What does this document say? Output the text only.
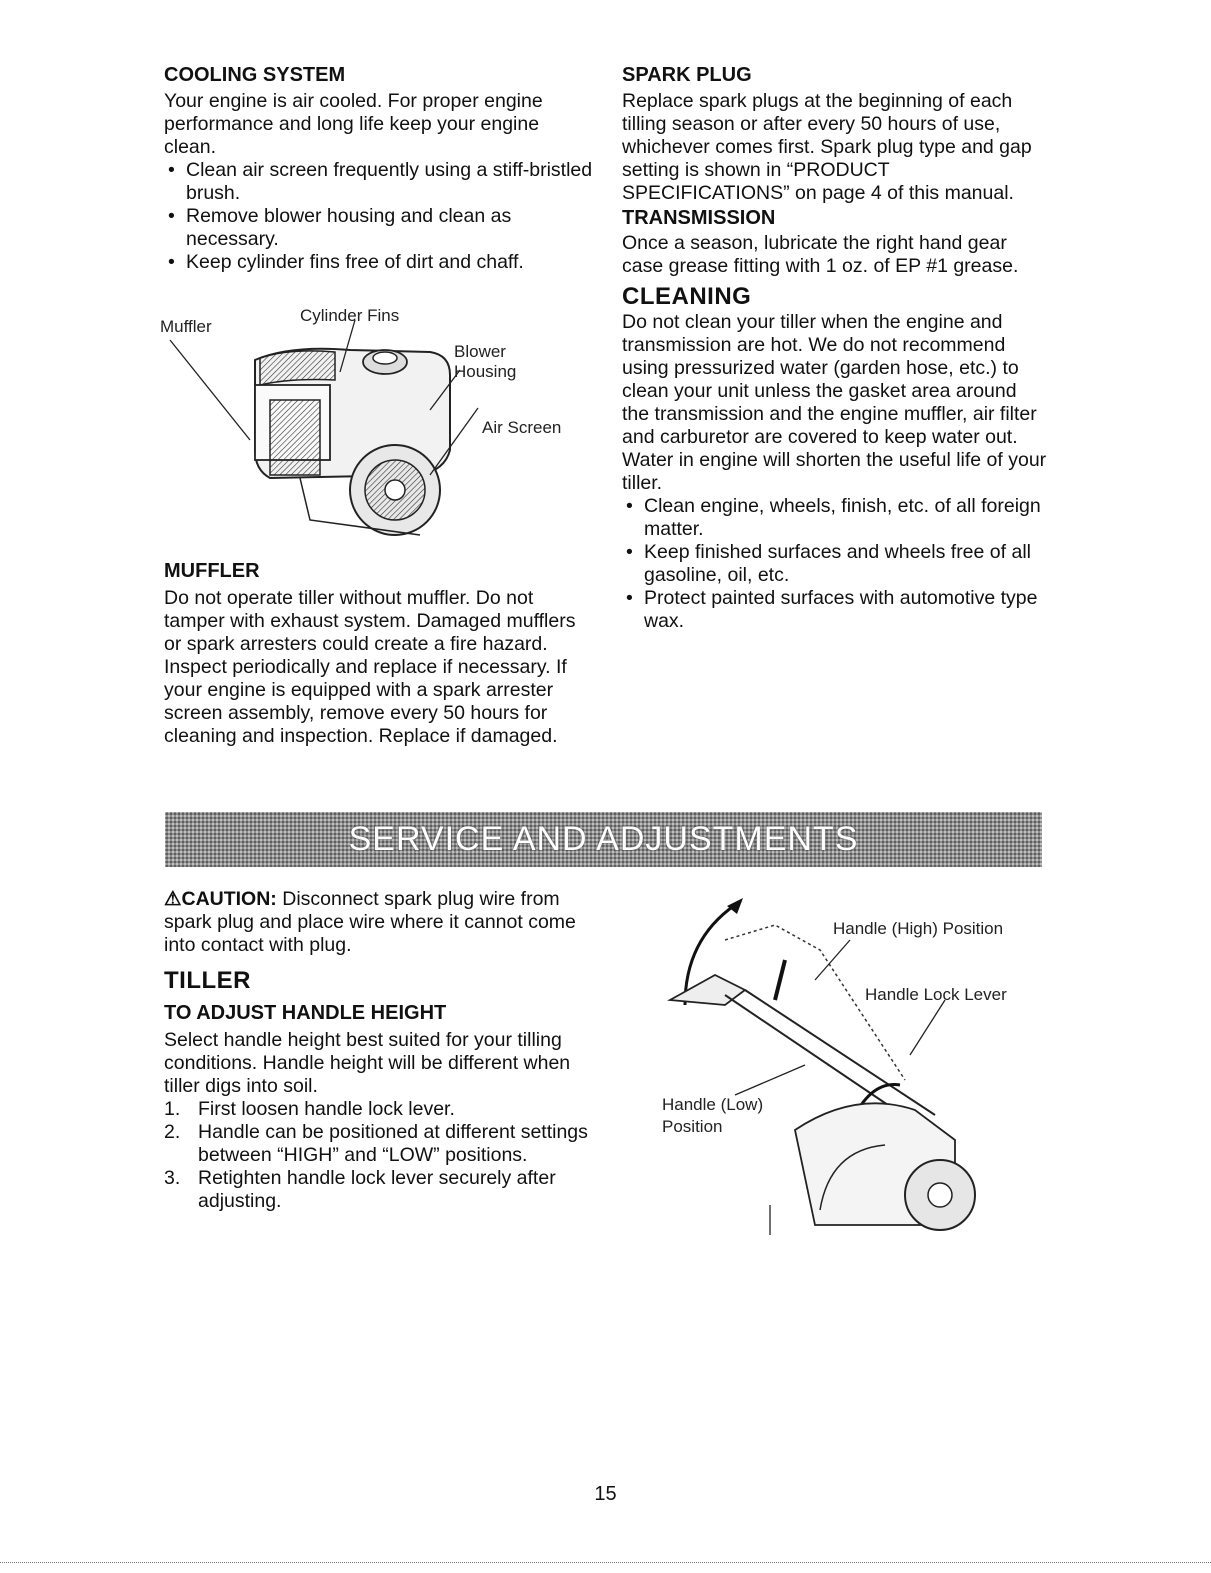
COOLING SYSTEM

Your engine is air cooled. For proper engine performance and long life keep your engine clean.

• Clean air screen frequently using a stiff-bristled brush.
• Remove blower housing and clean as necessary.
• Keep cylinder fins free of dirt and chaff.
Muffler
Cylinder Fins
Blower
Housing
Air Screen
MUFFLER

Do not operate tiller without muffler. Do not tamper with exhaust system. Damaged mufflers or spark arresters could create a fire hazard. Inspect periodically and replace if necessary. If your engine is equipped with a spark arrester screen assembly, remove every 50 hours for cleaning and inspection. Replace if damaged.

SPARK PLUG

Replace spark plugs at the beginning of each tilling season or after every 50 hours of use, whichever comes first. Spark plug type and gap setting is shown in “PRODUCT SPECIFICATIONS” on page 4 of this manual.

TRANSMISSION

Once a season, lubricate the right hand gear case grease fitting with 1 oz. of EP #1 grease.

CLEANING

Do not clean your tiller when the engine and transmission are hot. We do not recommend using pressurized water (garden hose, etc.) to clean your unit unless the gasket area around the transmission and the engine muffler, air filter and carburetor are covered to keep water out. Water in engine will shorten the useful life of your tiller.

• Clean engine, wheels, finish, etc. of all foreign matter.
• Keep finished surfaces and wheels free of all gasoline, oil, etc.
• Protect painted surfaces with automotive type wax.
SERVICE AND ADJUSTMENTS

⚠CAUTION: Disconnect spark plug wire from spark plug and place wire where it cannot come into contact with plug.

TILLER
TO ADJUST HANDLE HEIGHT

Select handle height best suited for your tilling conditions. Handle height will be different when tiller digs into soil.

1. First loosen handle lock lever.
2. Handle can be positioned at different settings between “HIGH” and “LOW” positions.
3. Retighten handle lock lever securely after adjusting.
Handle (High) Position
Handle Lock Lever
Handle (Low)
Position
15
